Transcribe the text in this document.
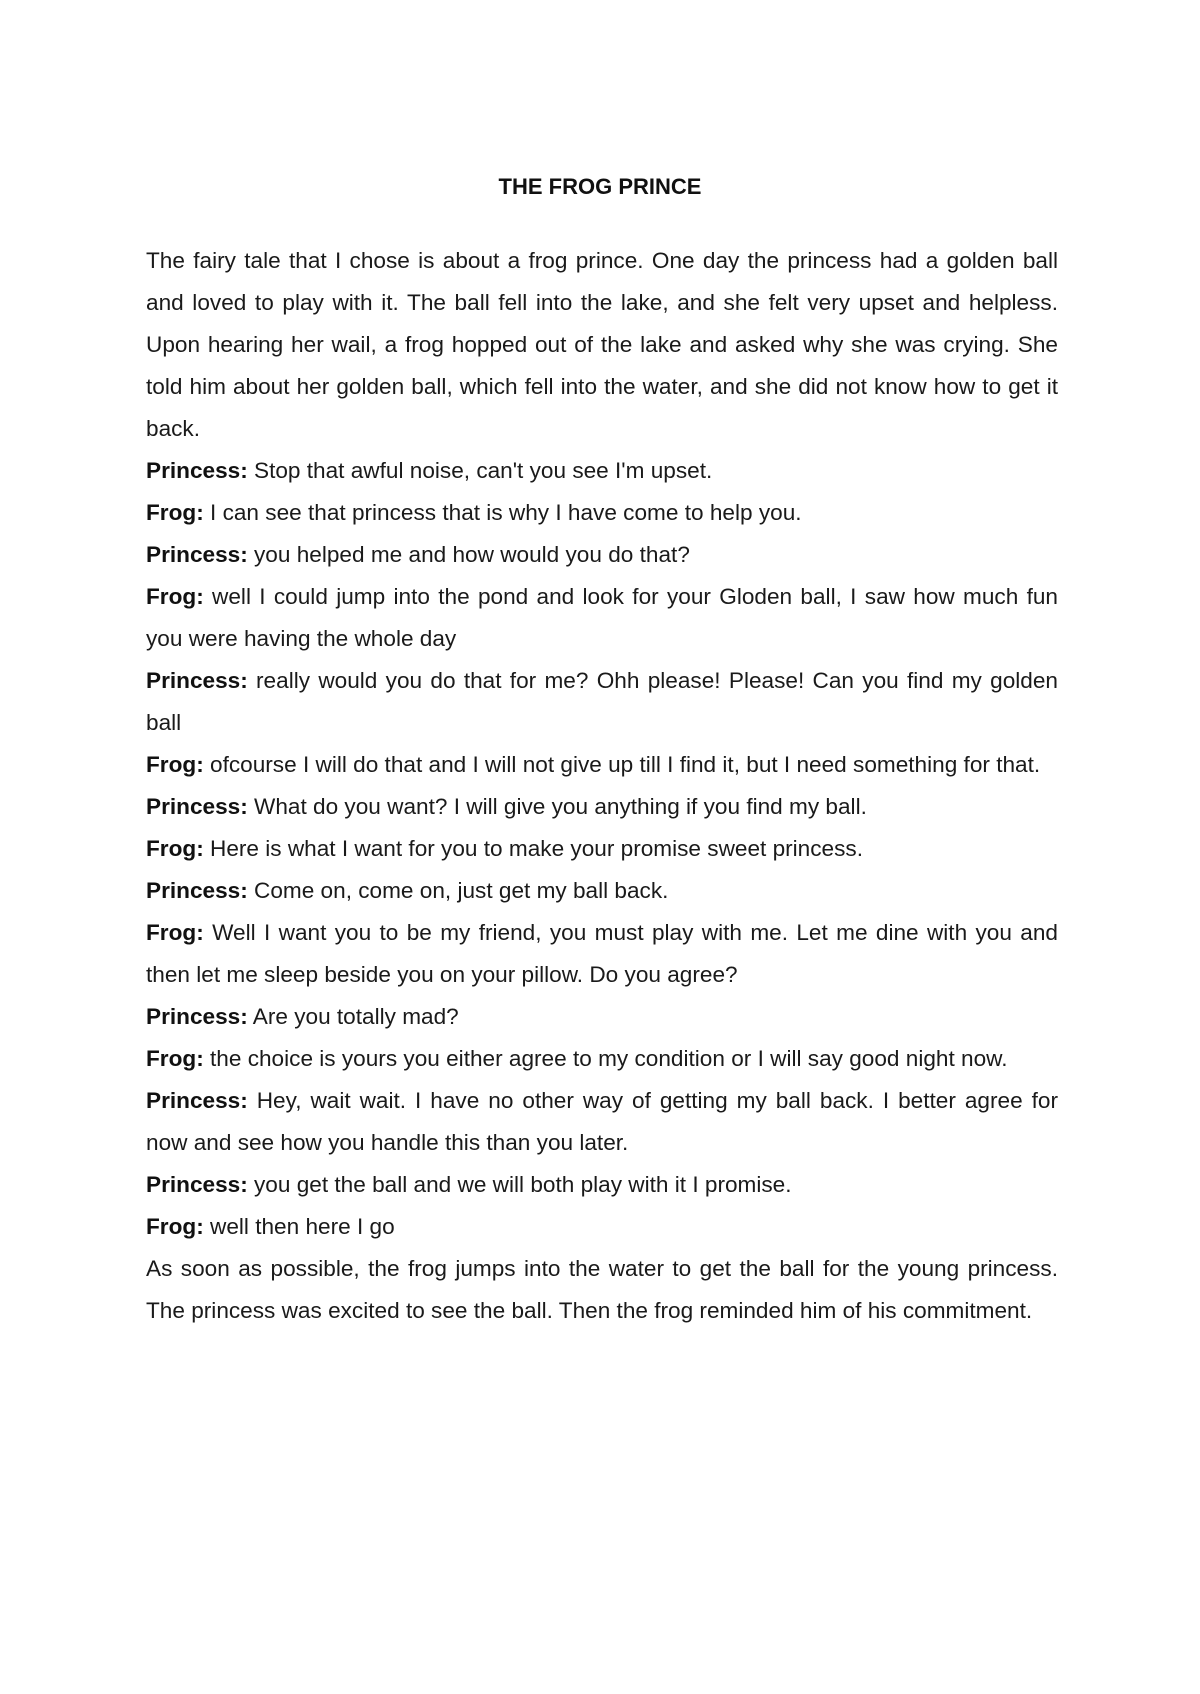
THE FROG PRINCE

The fairy tale that I chose is about a frog prince. One day the princess had a golden ball and loved to play with it. The ball fell into the lake, and she felt very upset and helpless. Upon hearing her wail, a frog hopped out of the lake and asked why she was crying. She told him about her golden ball, which fell into the water, and she did not know how to get it back.

Princess: Stop that awful noise, can't you see I'm upset.

Frog: I can see that princess that is why I have come to help you.

Princess: you helped me and how would you do that?

Frog: well I could jump into the pond and look for your Gloden ball, I saw how much fun you were having the whole day

Princess: really would you do that for me? Ohh please! Please! Can you find my golden ball

Frog: ofcourse I will do that and I will not give up till I find it, but I need something for that.

Princess: What do you want? I will give you anything if you find my ball.

Frog: Here is what I want for you to make your promise sweet princess.

Princess: Come on, come on, just get my ball back.

Frog: Well I want you to be my friend, you must play with me. Let me dine with you and then let me sleep beside you on your pillow. Do you agree?

Princess: Are you totally mad?

Frog: the choice is yours you either agree to my condition or I will say good night now.

Princess: Hey, wait wait. I have no other way of getting my ball back. I better agree for now and see how you handle this than you later.

Princess: you get the ball and we will both play with it I promise.

Frog: well then here I go

As soon as possible, the frog jumps into the water to get the ball for the young princess. The princess was excited to see the ball. Then the frog reminded him of his commitment.
